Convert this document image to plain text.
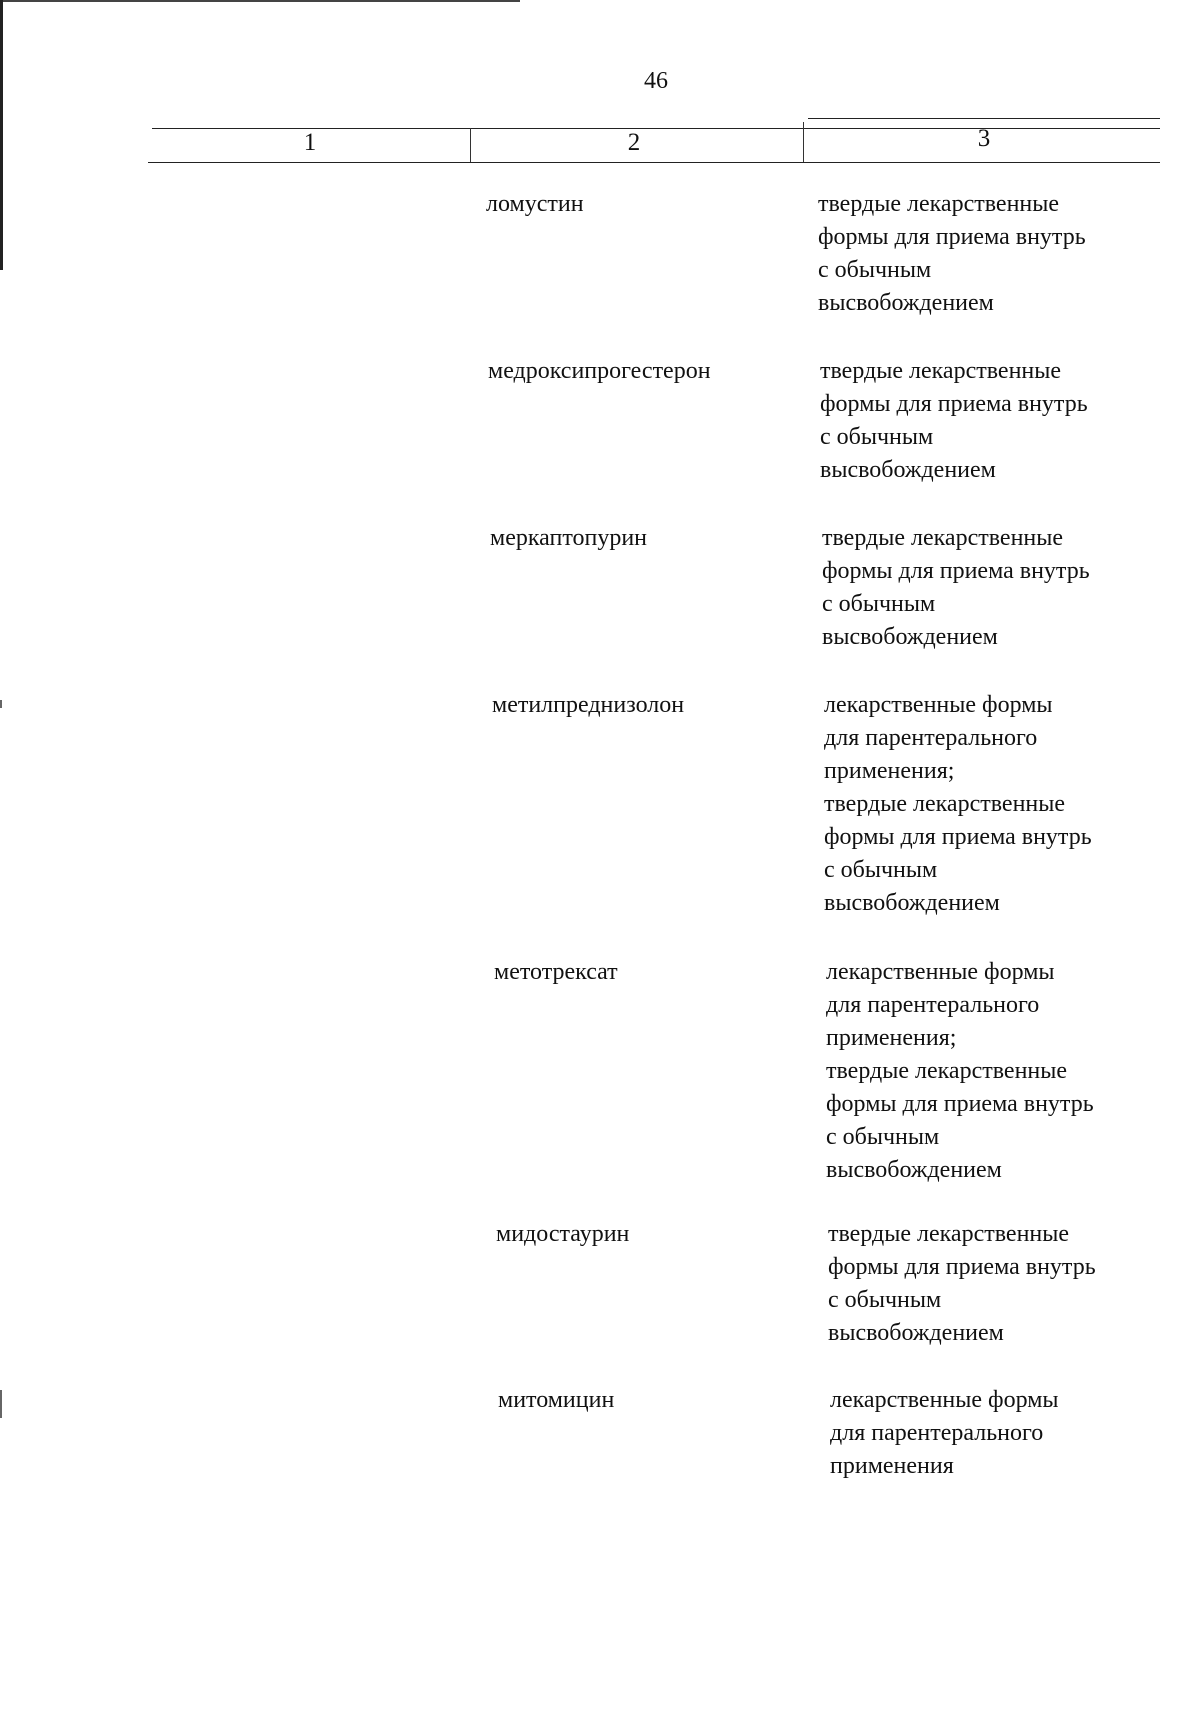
46
1	2	3
ломустин	твердые лекарственные
формы для приема внутрь
с обычным
высвобождением
медроксипрогестерон	твердые лекарственные
формы для приема внутрь
с обычным
высвобождением
меркаптопурин	твердые лекарственные
формы для приема внутрь
с обычным
высвобождением
метилпреднизолон	лекарственные формы
для парентерального
применения;
твердые лекарственные
формы для приема внутрь
с обычным
высвобождением
метотрексат	лекарственные формы
для парентерального
применения;
твердые лекарственные
формы для приема внутрь
с обычным
высвобождением
мидостаурин	твердые лекарственные
формы для приема внутрь
с обычным
высвобождением
митомицин	лекарственные формы
для парентерального
применения
